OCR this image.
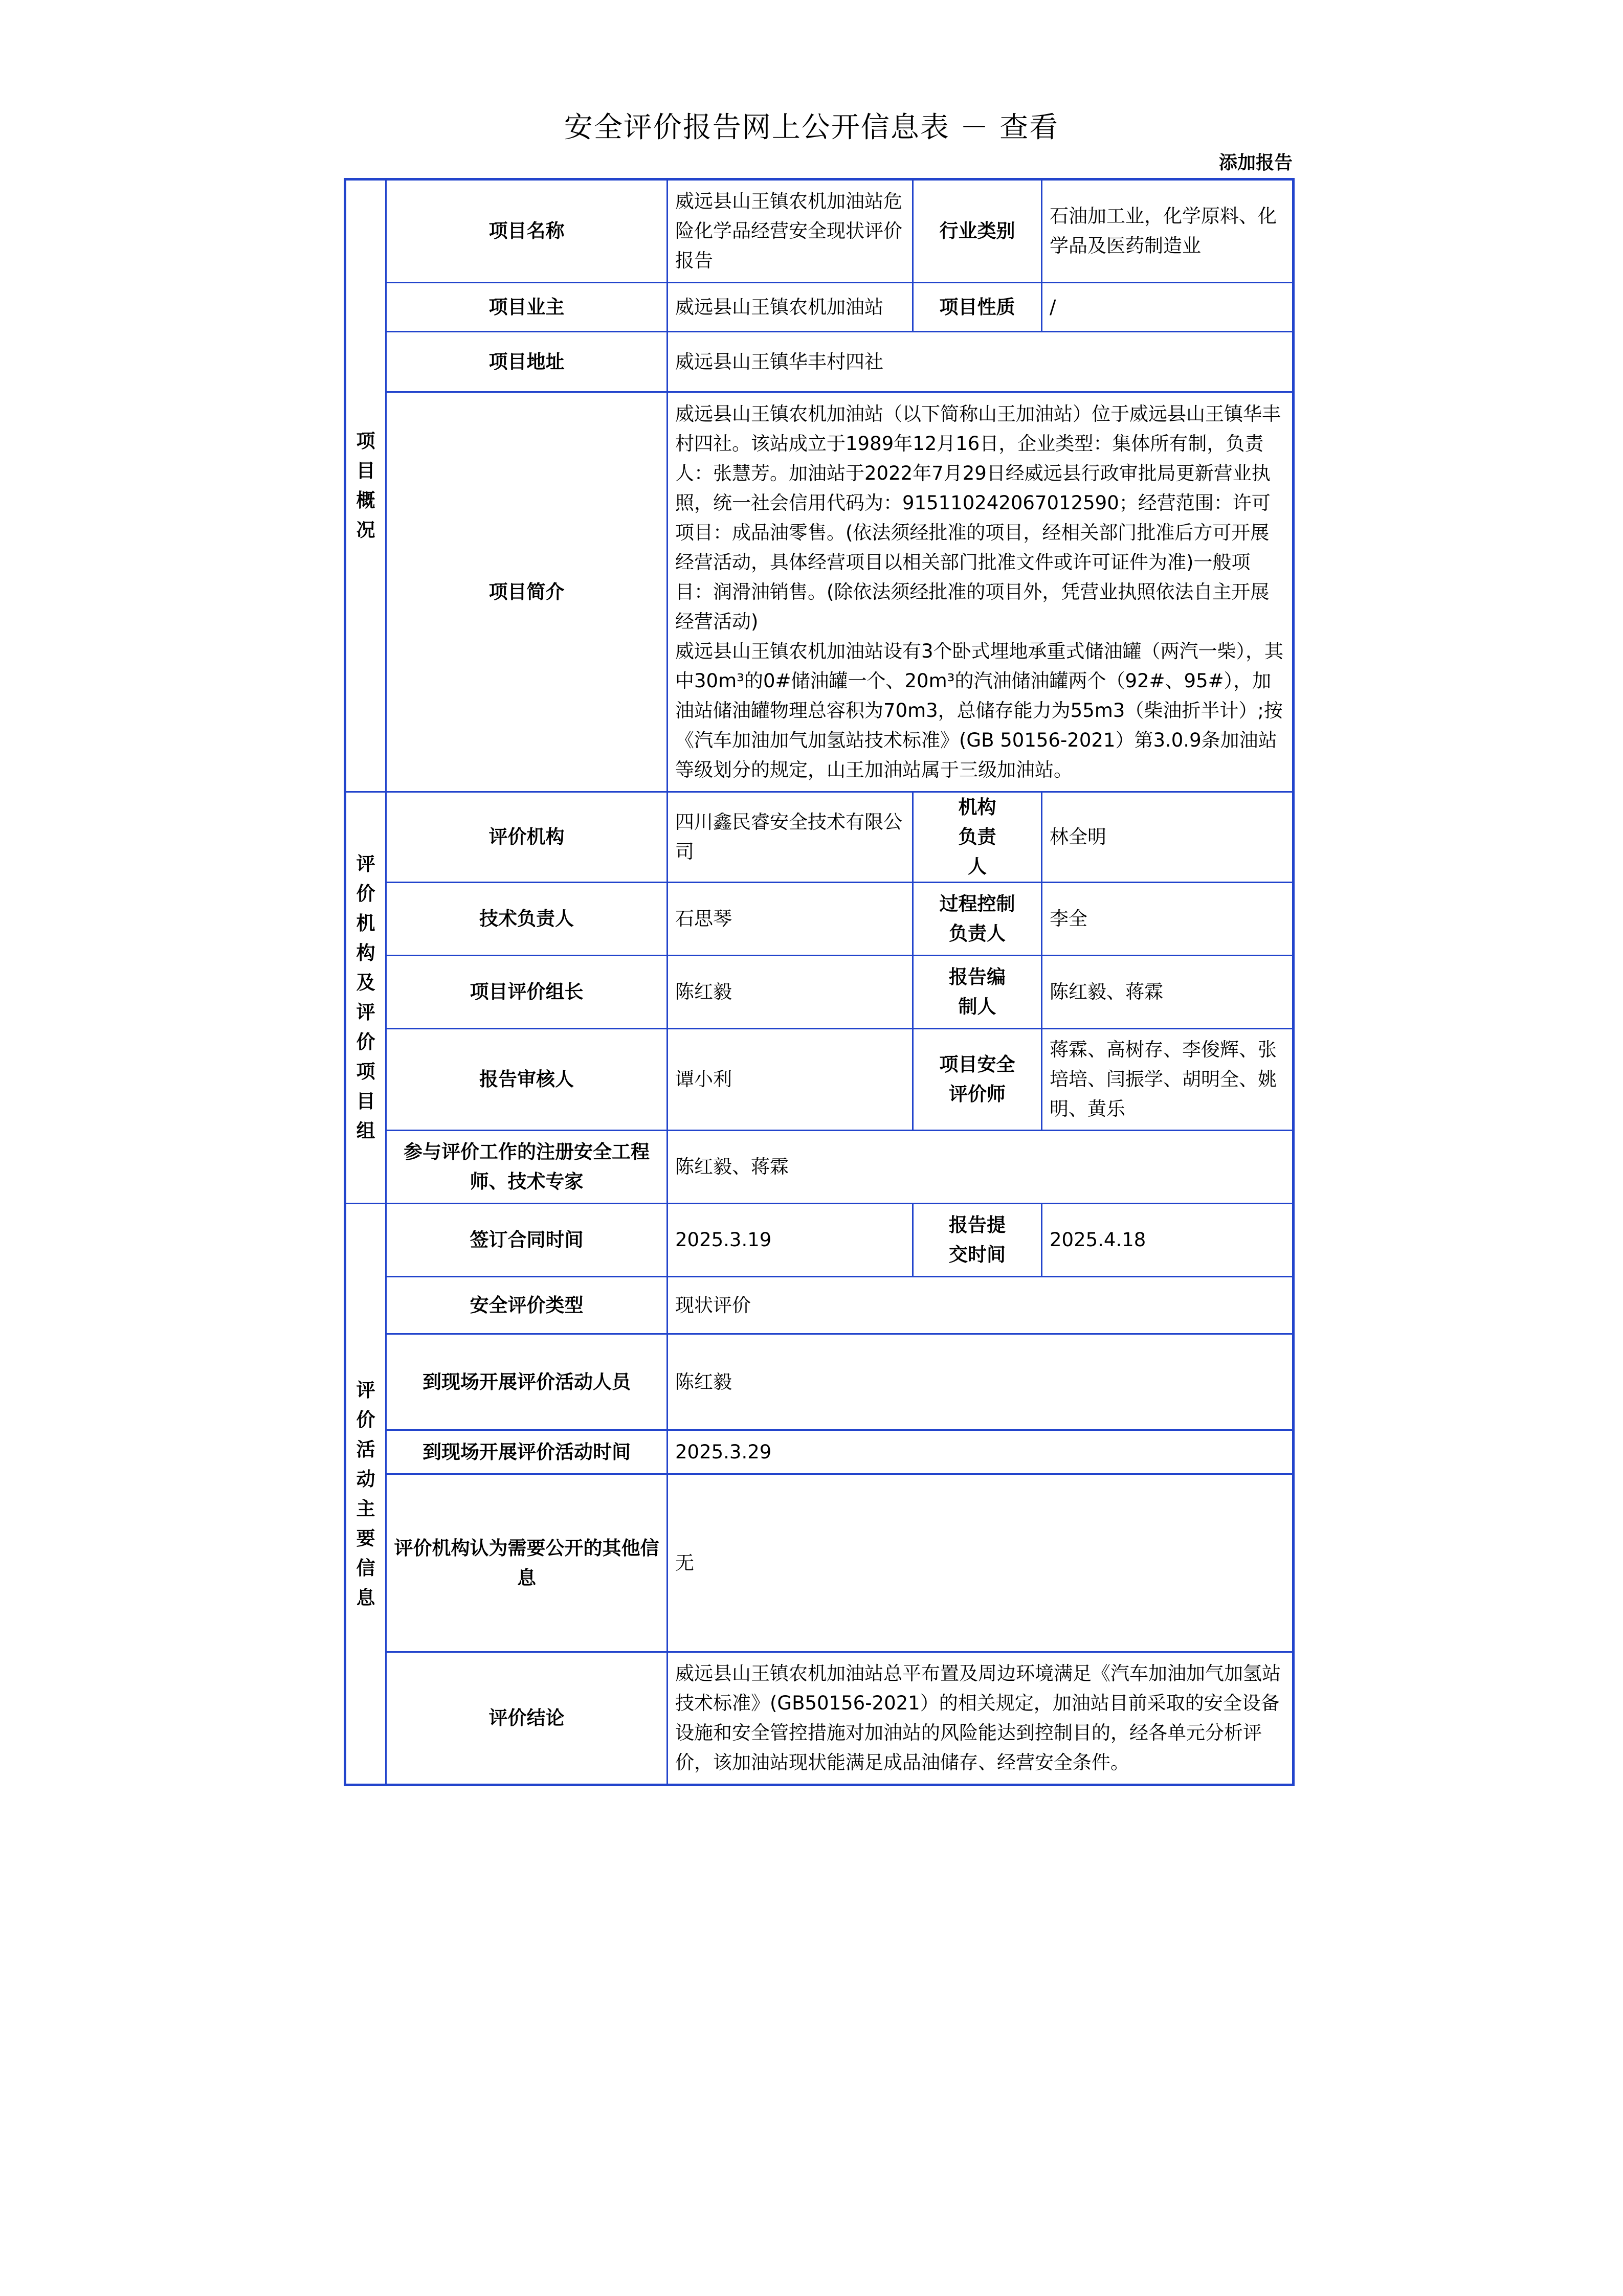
安全评价报告网上公开信息表 － 查看
添加报告
项目概况	项目名称	威远县山王镇农机加油站危险化学品经营安全现状评价报告	行业类别	石油加工业，化学原料、化学品及医药制造业
	项目业主	威远县山王镇农机加油站	项目性质	/
	项目地址	威远县山王镇华丰村四社		
	项目简介	威远县山王镇农机加油站（以下简称山王加油站）位于威远县山王镇华丰村四社。该站成立于1989年12月16日，企业类型：集体所有制，负责人：张慧芳。加油站于2022年7月29日经威远县行政审批局更新营业执照，统一社会信用代码为：915110242067012590；经营范围：许可项目：成品油零售。(依法须经批准的项目，经相关部门批准后方可开展经营活动，具体经营项目以相关部门批准文件或许可证件为准)一般项目：润滑油销售。(除依法须经批准的项目外，凭营业执照依法自主开展经营活动)
威远县山王镇农机加油站设有3个卧式埋地承重式储油罐（两汽一柴），其中30m³的0#储油罐一个、20m³的汽油储油罐两个（92#、95#），加油站储油罐物理总容积为70m3，总储存能力为55m3（柴油折半计）;按《汽车加油加气加氢站技术标准》(GB 50156-2021）第3.0.9条加油站等级划分的规定，山王加油站属于三级加油站。		

评价机构及评价项目组	评价机构	四川鑫民睿安全技术有限公司	机构负责人	林全明
	技术负责人	石思琴	过程控制负责人	李全
	项目评价组长	陈红毅	报告编制人	陈红毅、蒋霖
	报告审核人	谭小利	项目安全评价师	蒋霖、高树存、李俊辉、张培培、闫振学、胡明全、姚明、黄乐
	参与评价工作的注册安全工程师、技术专家	陈红毅、蒋霖		
评价活动主要信息	签订合同时间	2025.3.19	报告提交时间	2025.4.18
	安全评价类型	现状评价		
	到现场开展评价活动人员	陈红毅		
	到现场开展评价活动时间	2025.3.29		
	评价机构认为需要公开的其他信息	无		
	评价结论	威远县山王镇农机加油站总平布置及周边环境满足《汽车加油加气加氢站技术标准》(GB50156-2021）的相关规定，加油站目前采取的安全设备设施和安全管控措施对加油站的风险能达到控制目的，经各单元分析评价，该加油站现状能满足成品油储存、经营安全条件。		
